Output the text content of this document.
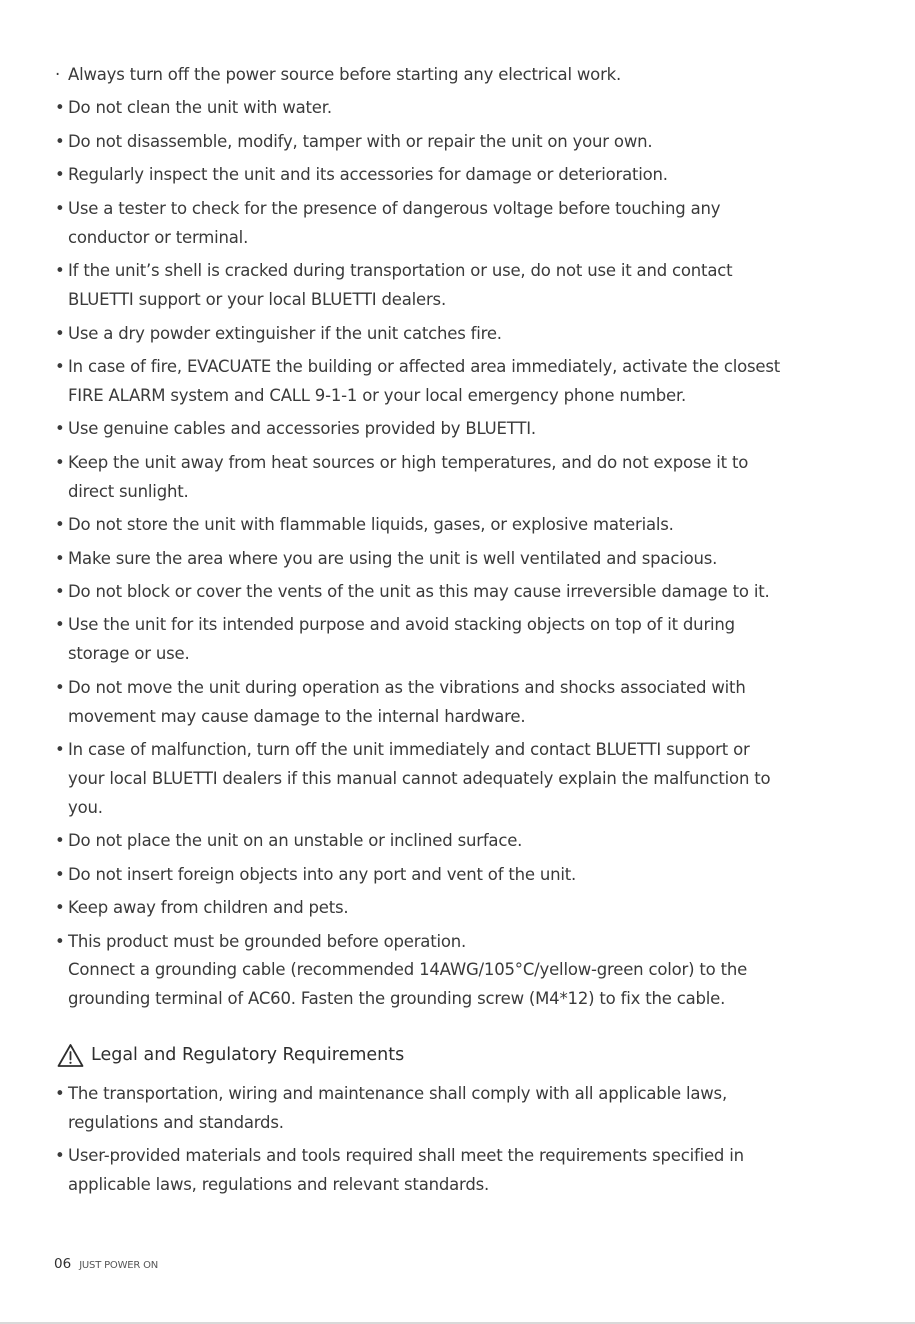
· Always turn off the power source before starting any electrical work.
• Do not clean the unit with water.
• Do not disassemble, modify, tamper with or repair the unit on your own.
• Regularly inspect the unit and its accessories for damage or deterioration.
• Use a tester to check for the presence of dangerous voltage before touching any
conductor or terminal.
• If the unit’s shell is cracked during transportation or use, do not use it and contact
BLUETTI support or your local BLUETTI dealers.
• Use a dry powder extinguisher if the unit catches fire.
• In case of fire, EVACUATE the building or affected area immediately, activate the closest
FIRE ALARM system and CALL 9-1-1 or your local emergency phone number.
• Use genuine cables and accessories provided by BLUETTI.
• Keep the unit away from heat sources or high temperatures, and do not expose it to
direct sunlight.
• Do not store the unit with flammable liquids, gases, or explosive materials.
• Make sure the area where you are using the unit is well ventilated and spacious.
• Do not block or cover the vents of the unit as this may cause irreversible damage to it.
• Use the unit for its intended purpose and avoid stacking objects on top of it during
storage or use.
• Do not move the unit during operation as the vibrations and shocks associated with
movement may cause damage to the internal hardware.
• In case of malfunction, turn off the unit immediately and contact BLUETTI support or
your local BLUETTI dealers if this manual cannot adequately explain the malfunction to
you.
• Do not place the unit on an unstable or inclined surface.
• Do not insert foreign objects into any port and vent of the unit.
• Keep away from children and pets.
• This product must be grounded before operation.
Connect a grounding cable (recommended 14AWG/105°C/yellow-green color) to the
grounding terminal of AC60. Fasten the grounding screw (M4*12) to fix the cable.
Legal and Regulatory Requirements
• The transportation, wiring and maintenance shall comply with all applicable laws,
regulations and standards.
• User-provided materials and tools required shall meet the requirements specified in
applicable laws, regulations and relevant standards.
06 JUST POWER ON
